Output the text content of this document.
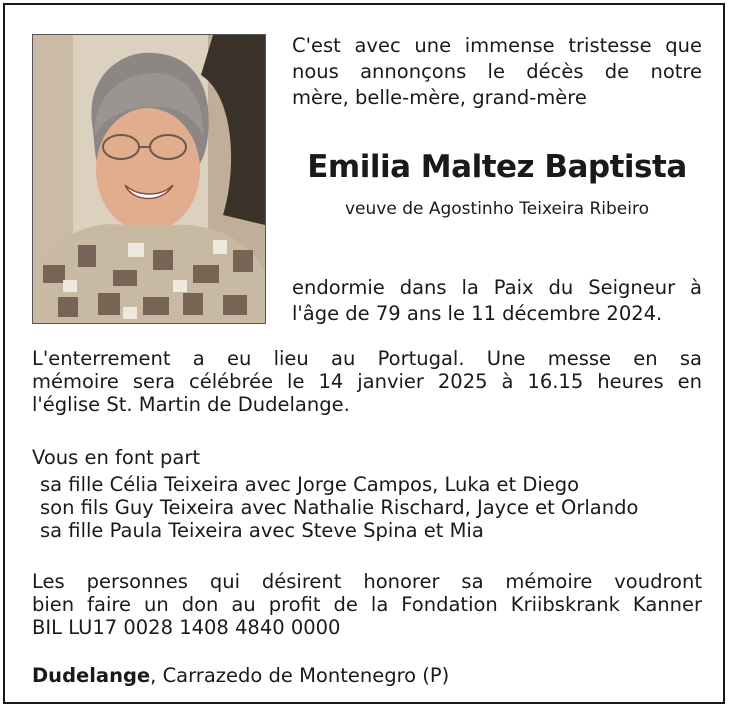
C'est avec une immense tristesse que
nous annonçons le décès de notre
mère, belle-mère, grand-mère
Emilia Maltez Baptista
veuve de Agostinho Teixeira Ribeiro
endormie dans la Paix du Seigneur à
l'âge de 79 ans le 11 décembre 2024.
L'enterrement a eu lieu au Portugal. Une messe en sa
mémoire sera célébrée le 14 janvier 2025 à 16.15 heures en
l'église St. Martin de Dudelange.
Vous en font part
sa fille Célia Teixeira avec Jorge Campos, Luka et Diego
son fils Guy Teixeira avec Nathalie Rischard, Jayce et Orlando
sa fille Paula Teixeira avec Steve Spina et Mia
Les personnes qui désirent honorer sa mémoire voudront
bien faire un don au profit de la Fondation Kriibskrank Kanner
BIL LU17 0028 1408 4840 0000
Dudelange, Carrazedo de Montenegro (P)
